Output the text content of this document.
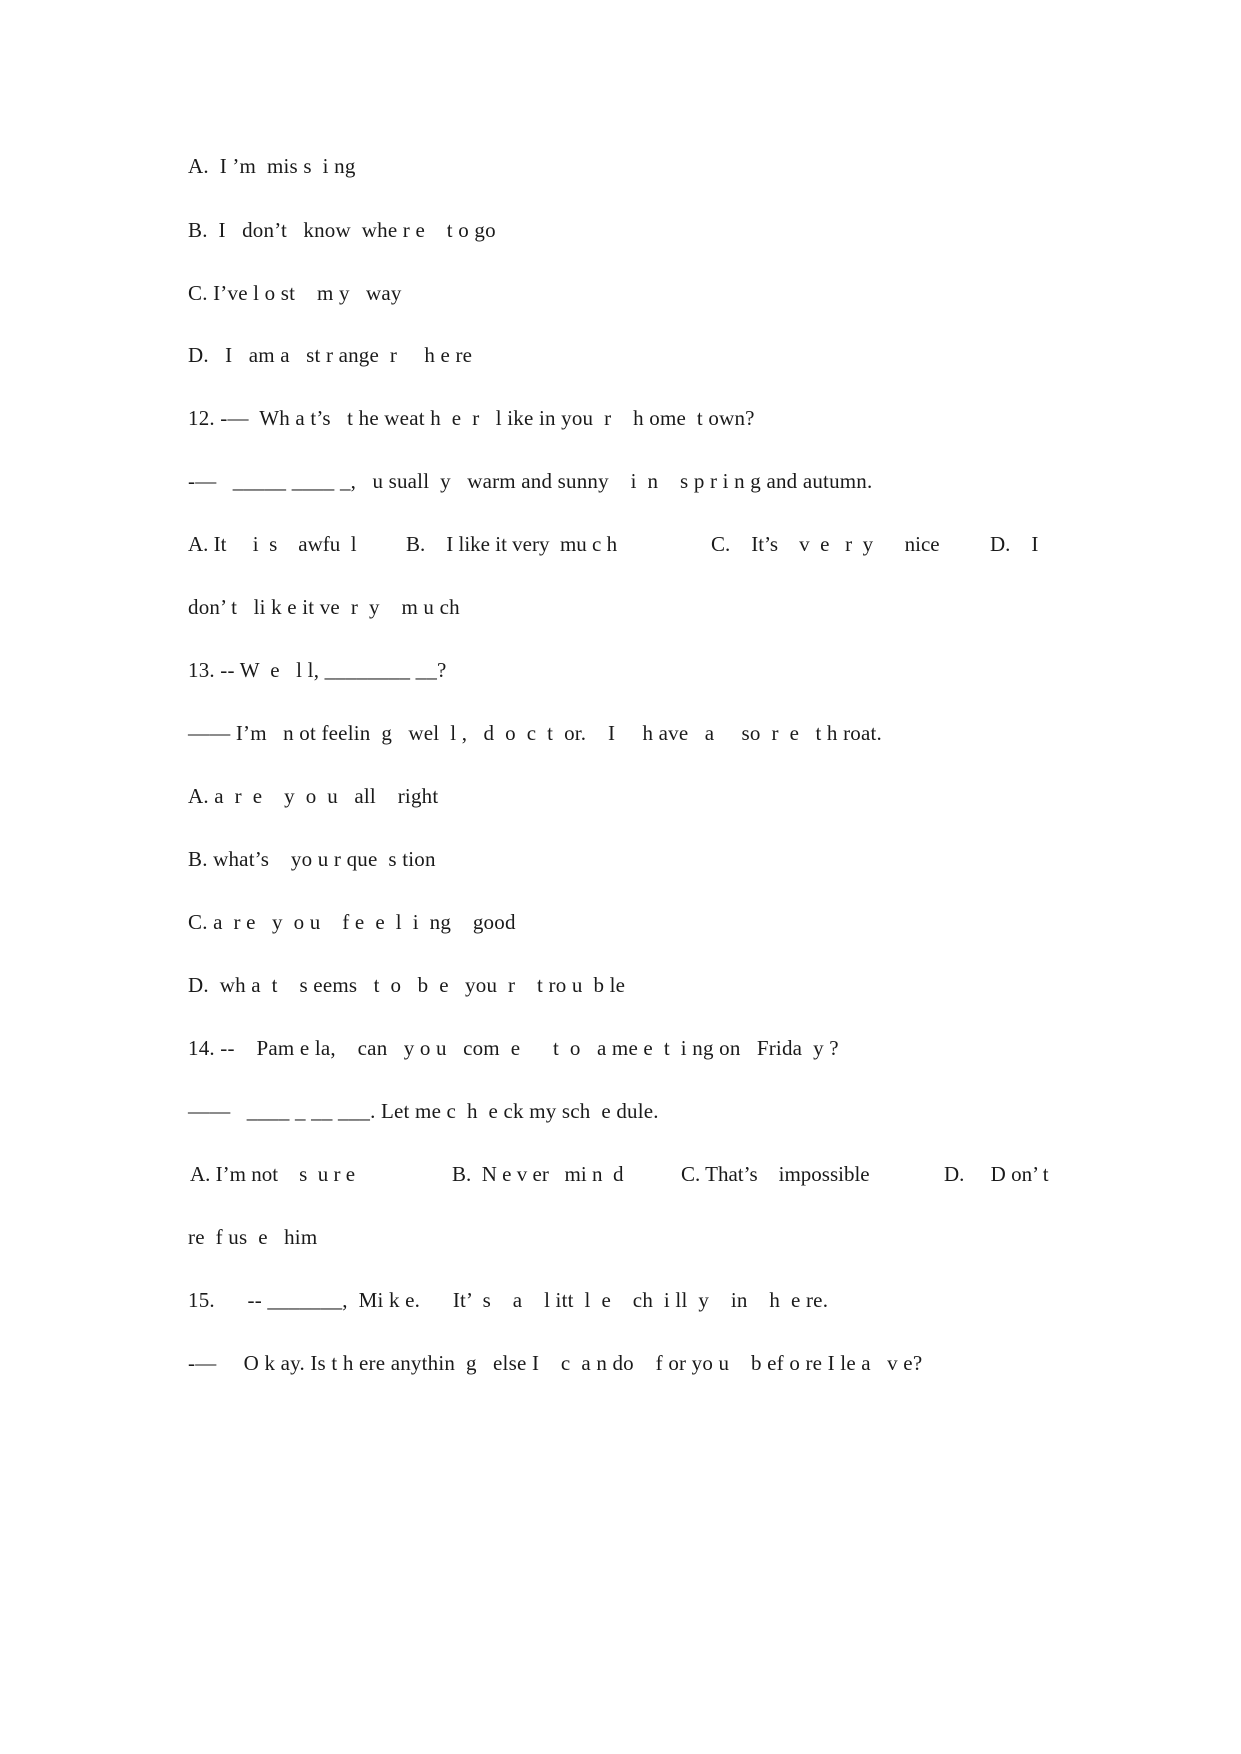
A.  I ’m  mis s  i ng
B.  I   don’t   know  whe r e    t o go
C. I’ve l o st    m y   way
D.   I   am a   st r ange  r     h e re
12. -—  Wh a t’s   t he weat h  e  r   l ike in you  r    h ome  t own?
-—   _____ ____ _,   u suall  y   warm and sunny    i  n    s p r i n g and autumn.
A. It     i  s    awfu  l B.    I like it very  mu c h	C.    It’s    v  e   r  y      nice D.    I
don’ t   li k e it ve  r  y    m u ch
13. -- W  e   l l, ________ __?
—— I’m   n ot feelin  g   wel  l ,   d  o  c  t  or.    I     h ave   a     so  r  e   t h roat.
A. a  r  e    y  o  u   all    right
B. what’s    yo u r que  s tion
C. a  r e   y  o u    f e  e  l  i  ng    good
D.  wh a  t    s eems   t  o   b  e   you  r    t ro u  b le
14. --    Pam e la,    can   y o u   com  e      t  o   a me e  t  i ng on   Frida  y ?
——   ____ _ __ ___. Let me c  h  e ck my sch  e dule.
A. I’m not    s  u r e	B.  N e v er   mi n  d	C. That’s    impossible	D.     D on’ t
re  f us  e   him
15.      -- _______,  Mi k e.      It’  s    a    l itt  l  e    ch  i ll  y    in    h  e re.
-—     O k ay. Is t h ere anythin  g   else I    c  a n do    f or yo u    b ef o re I le a   v e?
